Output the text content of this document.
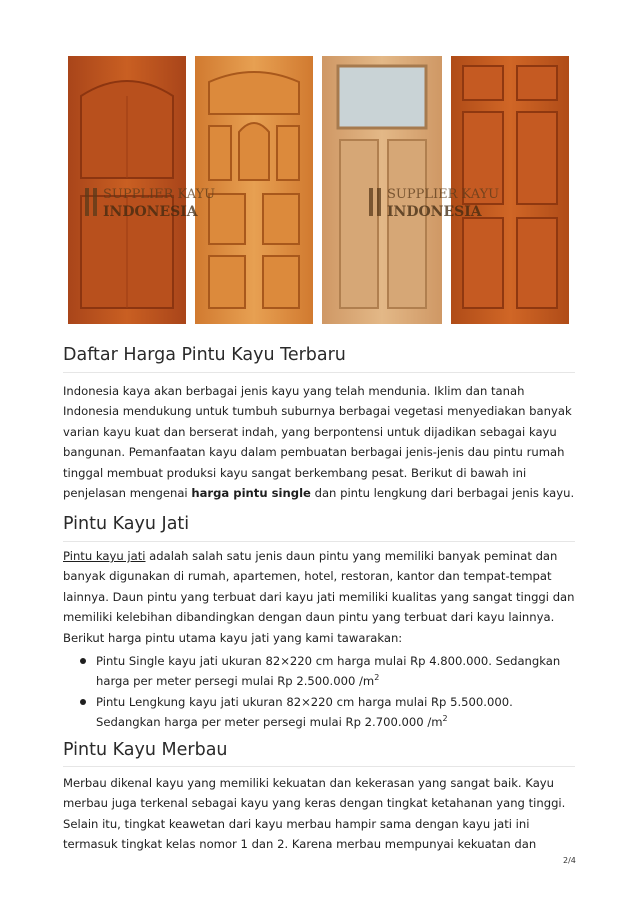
SUPPLIER KAYU
INDONESIA
SUPPLIER KAYU
INDONESIA
Daftar Harga Pintu Kayu Terbaru

Indonesia kaya akan berbagai jenis kayu yang telah mendunia. Iklim dan tanah Indonesia mendukung untuk tumbuh suburnya berbagai vegetasi menyediakan banyak varian kayu kuat dan berserat indah, yang berpontensi untuk dijadikan sebagai kayu bangunan. Pemanfaatan kayu dalam pembuatan berbagai jenis-jenis dau pintu rumah tinggal membuat produksi kayu sangat berkembang pesat. Berikut di bawah ini penjelasan mengenai harga pintu single dan pintu lengkung dari berbagai jenis kayu.

Pintu Kayu Jati

Pintu kayu jati adalah salah satu jenis daun pintu yang memiliki banyak peminat dan banyak digunakan di rumah, apartemen, hotel, restoran, kantor dan tempat-tempat lainnya. Daun pintu yang terbuat dari kayu jati memiliki kualitas yang sangat tinggi dan memiliki kelebihan dibandingkan dengan daun pintu yang terbuat dari kayu lainnya. Berikut harga pintu utama kayu jati yang kami tawarakan:

Pintu Single kayu jati ukuran 82×220 cm harga mulai Rp 4.800.000. Sedangkan harga per meter persegi mulai Rp 2.500.000 $/m^2$
Pintu Lengkung kayu jati ukuran 82×220 cm harga mulai Rp 5.500.000. Sedangkan harga per meter persegi mulai Rp 2.700.000 $/m^2$
Pintu Kayu Merbau

Merbau dikenal kayu yang memiliki kekuatan dan kekerasan yang sangat baik. Kayu merbau juga terkenal sebagai kayu yang keras dengan tingkat ketahanan yang tinggi. Selain itu, tingkat keawetan dari kayu merbau hampir sama dengan kayu jati ini termasuk tingkat kelas nomor 1 dan 2. Karena merbau mempunyai kekuatan dan

2/4
